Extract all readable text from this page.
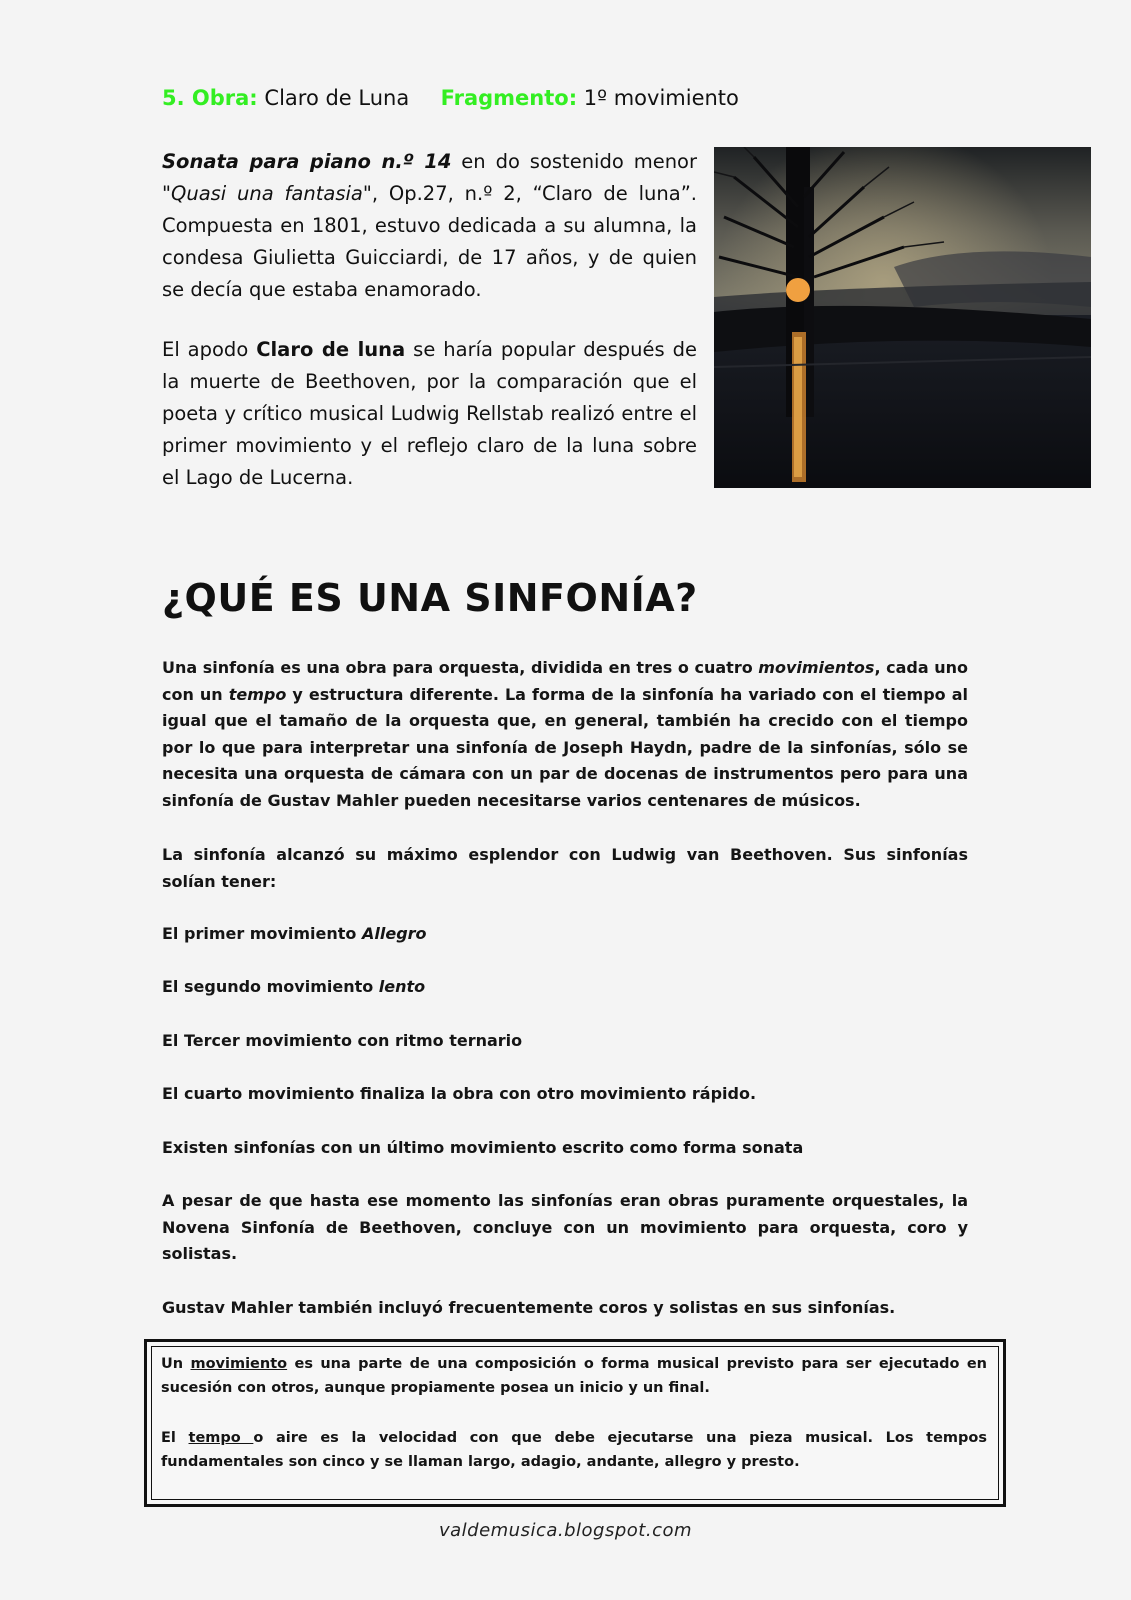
5. Obra: Claro de Luna Fragmento: 1º movimiento
Sonata para piano n.º 14 en do sostenido menor "Quasi una fantasia", Op.27, n.º 2, “Claro de luna”. Compuesta en 1801, estuvo dedicada a su alumna, la condesa Giulietta Guicciardi, de 17 años, y de quien se decía que estaba enamorado.
El apodo Claro de luna se haría popular después de la muerte de Beethoven, por la comparación que el poeta y crítico musical Ludwig Rellstab realizó entre el primer movimiento y el reflejo claro de la luna sobre el Lago de Lucerna.
¿QUÉ ES UNA SINFONÍA?
Una sinfonía es una obra para orquesta, dividida en tres o cuatro movimientos, cada uno con un tempo y estructura diferente. La forma de la sinfonía ha variado con el tiempo al igual que el tamaño de la orquesta que, en general, también ha crecido con el tiempo por lo que para interpretar una sinfonía de Joseph Haydn, padre de la sinfonías, sólo se necesita una orquesta de cámara con un par de docenas de instrumentos pero para una sinfonía de Gustav Mahler pueden necesitarse varios centenares de músicos.
La sinfonía alcanzó su máximo esplendor con Ludwig van Beethoven. Sus sinfonías solían tener:
El primer movimiento Allegro
El segundo movimiento lento
El Tercer movimiento con ritmo ternario
El cuarto movimiento finaliza la obra con otro movimiento rápido.
Existen sinfonías con un último movimiento escrito como forma sonata
A pesar de que hasta ese momento las sinfonías eran obras puramente orquestales, la Novena Sinfonía de Beethoven, concluye con un movimiento para orquesta, coro y solistas.
Gustav Mahler también incluyó frecuentemente coros y solistas en sus sinfonías.
Un movimiento es una parte de una composición o forma musical previsto para ser ejecutado en sucesión con otros, aunque propiamente posea un inicio y un final.
El tempo o aire es la velocidad con que debe ejecutarse una pieza musical. Los tempos fundamentales son cinco y se llaman largo, adagio, andante, allegro y presto.
valdemusica.blogspot.com
